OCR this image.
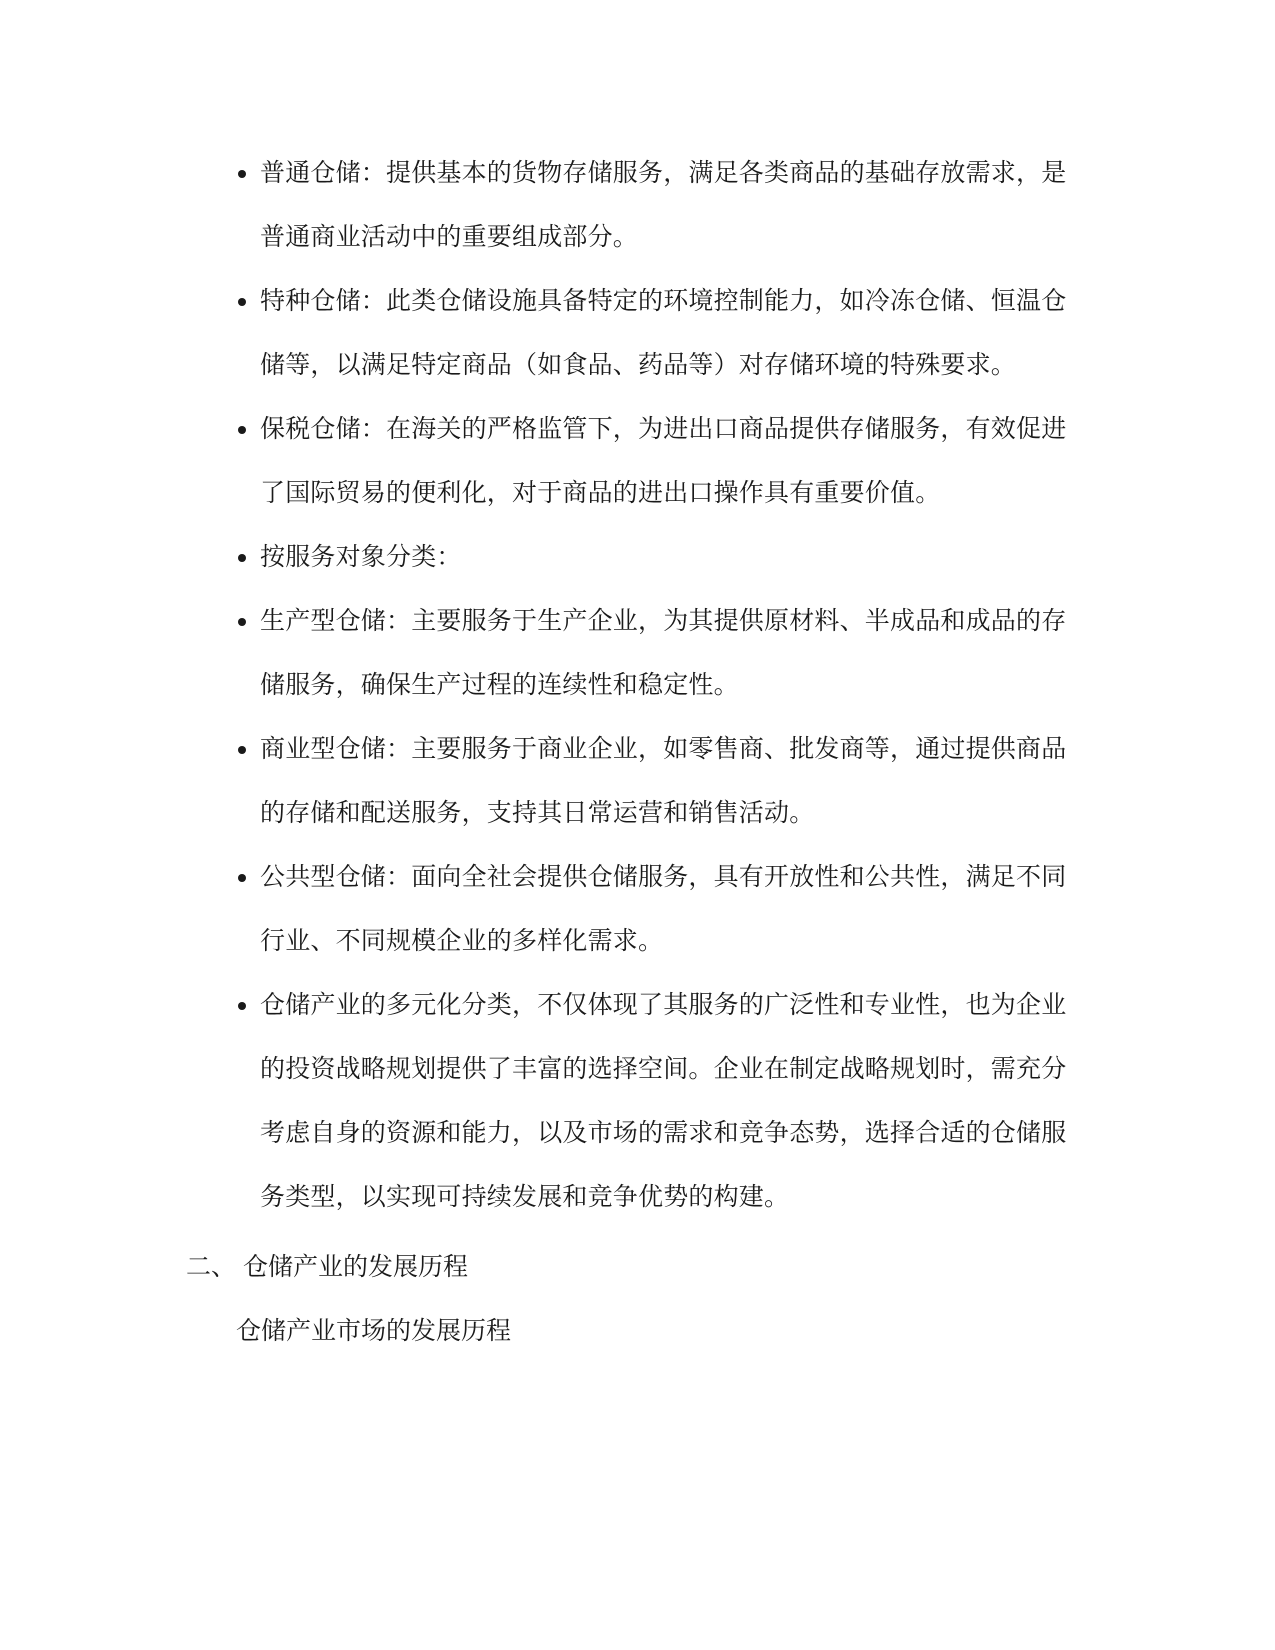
普通仓储：提供基本的货物存储服务，满足各类商品的基础存放需求，是普通商业活动中的重要组成部分。
特种仓储：此类仓储设施具备特定的环境控制能力，如冷冻仓储、恒温仓储等，以满足特定商品（如食品、药品等）对存储环境的特殊要求。
保税仓储：在海关的严格监管下，为进出口商品提供存储服务，有效促进了国际贸易的便利化，对于商品的进出口操作具有重要价值。
按服务对象分类：
生产型仓储：主要服务于生产企业，为其提供原材料、半成品和成品的存储服务，确保生产过程的连续性和稳定性。
商业型仓储：主要服务于商业企业，如零售商、批发商等，通过提供商品的存储和配送服务，支持其日常运营和销售活动。
公共型仓储：面向全社会提供仓储服务，具有开放性和公共性，满足不同行业、不同规模企业的多样化需求。
仓储产业的多元化分类，不仅体现了其服务的广泛性和专业性，也为企业的投资战略规划提供了丰富的选择空间。企业在制定战略规划时，需充分考虑自身的资源和能力，以及市场的需求和竞争态势，选择合适的仓储服务类型，以实现可持续发展和竞争优势的构建。
二、 仓储产业的发展历程
仓储产业市场的发展历程
